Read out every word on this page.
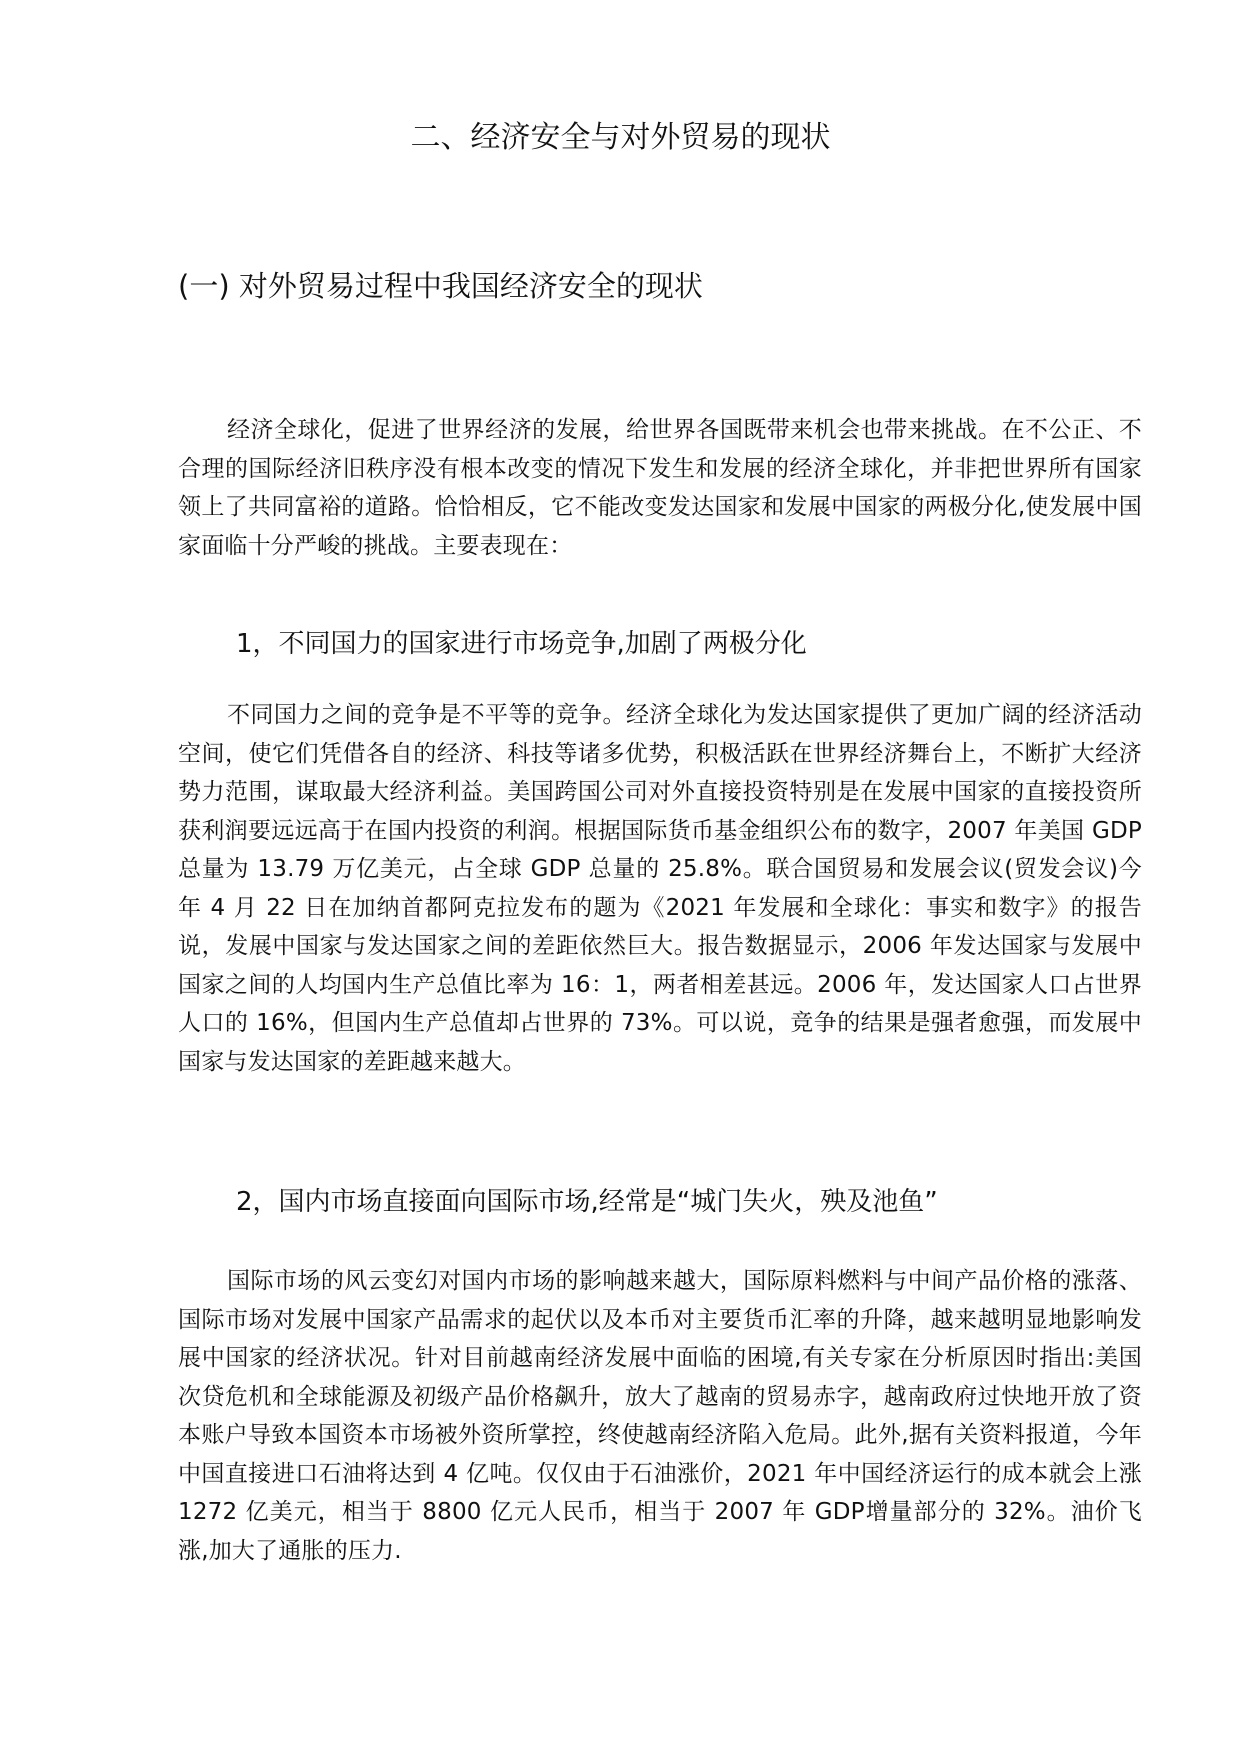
二、经济安全与对外贸易的现状
(一) 对外贸易过程中我国经济安全的现状

经济全球化，促进了世界经济的发展，给世界各国既带来机会也带来挑战。在不公正、不合理的国际经济旧秩序没有根本改变的情况下发生和发展的经济全球化，并非把世界所有国家领上了共同富裕的道路。恰恰相反，它不能改变发达国家和发展中国家的两极分化,使发展中国家面临十分严峻的挑战。主要表现在：

1，不同国力的国家进行市场竞争,加剧了两极分化

不同国力之间的竞争是不平等的竞争。经济全球化为发达国家提供了更加广阔的经济活动空间，使它们凭借各自的经济、科技等诸多优势，积极活跃在世界经济舞台上，不断扩大经济势力范围，谋取最大经济利益。美国跨国公司对外直接投资特别是在发展中国家的直接投资所获利润要远远高于在国内投资的利润。根据国际货币基金组织公布的数字，2007 年美国 GDP 总量为 13.79 万亿美元，占全球 GDP 总量的 25.8%。联合国贸易和发展会议(贸发会议)今年 4 月 22 日在加纳首都阿克拉发布的题为《2021 年发展和全球化：事实和数字》的报告说，发展中国家与发达国家之间的差距依然巨大。报告数据显示，2006 年发达国家与发展中国家之间的人均国内生产总值比率为 16：1，两者相差甚远。2006 年，发达国家人口占世界人口的 16%，但国内生产总值却占世界的 73%。可以说，竞争的结果是强者愈强，而发展中国家与发达国家的差距越来越大。

2，国内市场直接面向国际市场,经常是“城门失火，殃及池鱼”

国际市场的风云变幻对国内市场的影响越来越大，国际原料燃料与中间产品价格的涨落、国际市场对发展中国家产品需求的起伏以及本币对主要货币汇率的升降，越来越明显地影响发展中国家的经济状况。针对目前越南经济发展中面临的困境,有关专家在分析原因时指出:美国次贷危机和全球能源及初级产品价格飙升，放大了越南的贸易赤字，越南政府过快地开放了资本账户导致本国资本市场被外资所掌控，终使越南经济陷入危局。此外,据有关资料报道，今年中国直接进口石油将达到 4 亿吨。仅仅由于石油涨价，2021 年中国经济运行的成本就会上涨 1272 亿美元，相当于 8800 亿元人民币，相当于 2007 年 GDP增量部分的 32%。油价飞涨,加大了通胀的压力.
